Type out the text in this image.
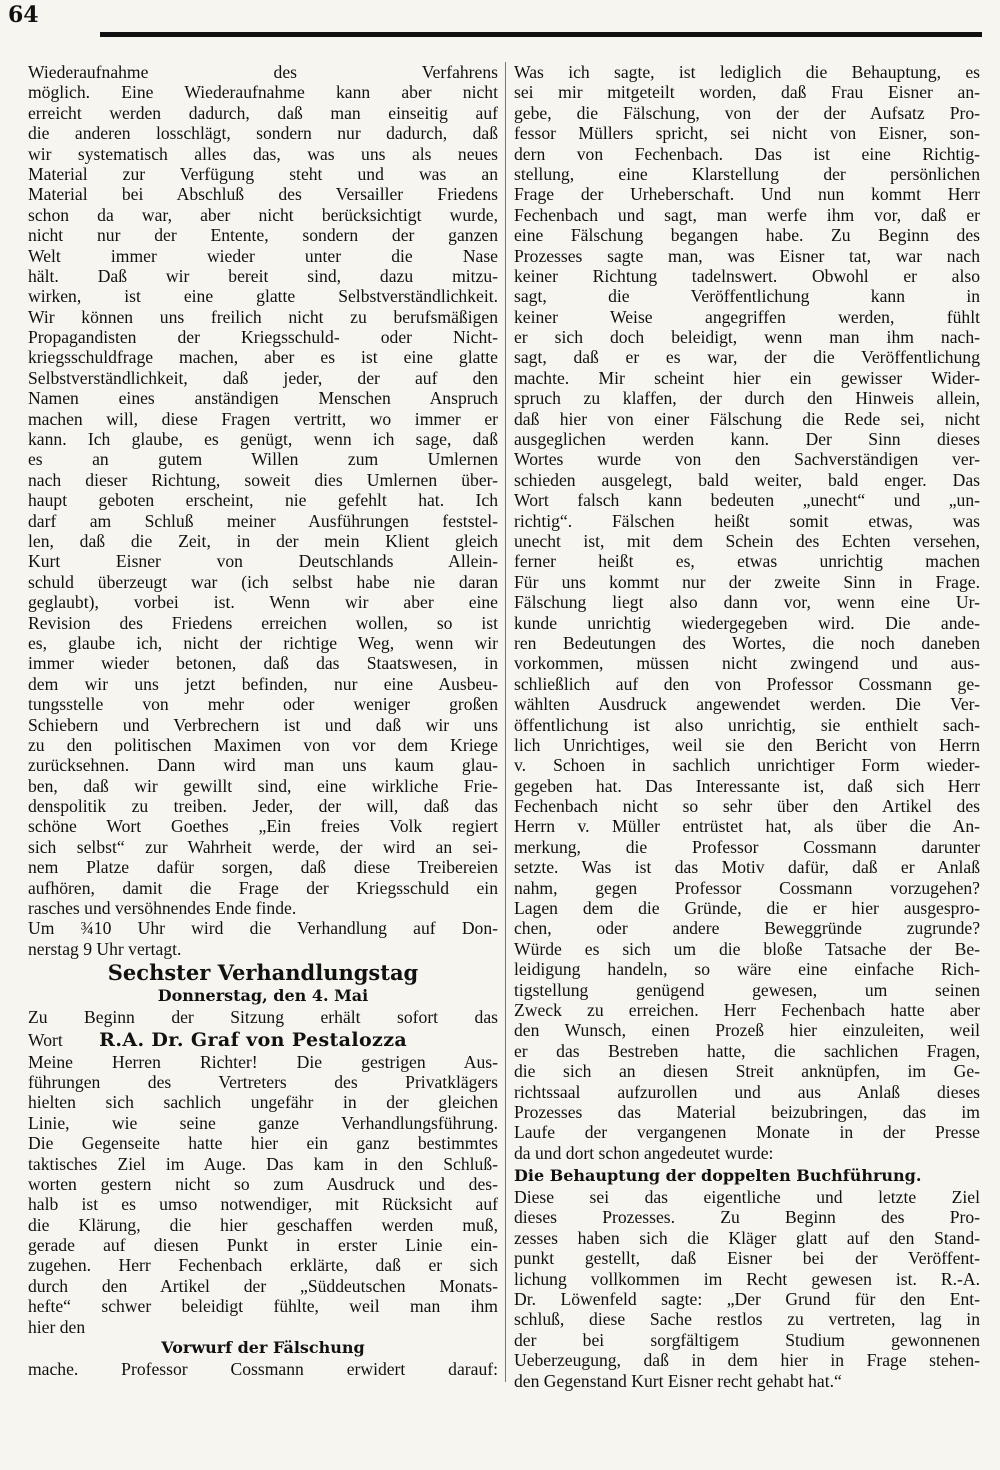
64
Wiederaufnahme des Verfahrens
möglich. Eine Wiederaufnahme kann aber nicht
erreicht werden dadurch, daß man einseitig auf
die anderen losschlägt, sondern nur dadurch, daß
wir systematisch alles das, was uns als neues
Material zur Verfügung steht und was an
Material bei Abschluß des Versailler Friedens
schon da war, aber nicht berücksichtigt wurde,
nicht nur der Entente, sondern der ganzen
Welt immer wieder unter die Nase
hält. Daß wir bereit sind, dazu mitzu-
wirken, ist eine glatte Selbstverständlichkeit.
Wir können uns freilich nicht zu berufsmäßigen
Propagandisten der Kriegsschuld- oder Nicht-
kriegsschuldfrage machen, aber es ist eine glatte
Selbstverständlichkeit, daß jeder, der auf den
Namen eines anständigen Menschen Anspruch
machen will, diese Fragen vertritt, wo immer er
kann. Ich glaube, es genügt, wenn ich sage, daß
es an gutem Willen zum Umlernen
nach dieser Richtung, soweit dies Umlernen über-
haupt geboten erscheint, nie gefehlt hat. Ich
darf am Schluß meiner Ausführungen feststel-
len, daß die Zeit, in der mein Klient gleich
Kurt Eisner von Deutschlands Allein-
schuld überzeugt war (ich selbst habe nie daran
geglaubt), vorbei ist. Wenn wir aber eine
Revision des Friedens erreichen wollen, so ist
es, glaube ich, nicht der richtige Weg, wenn wir
immer wieder betonen, daß das Staatswesen, in
dem wir uns jetzt befinden, nur eine Ausbeu-
tungsstelle von mehr oder weniger großen
Schiebern und Verbrechern ist und daß wir uns
zu den politischen Maximen von vor dem Kriege
zurücksehnen. Dann wird man uns kaum glau-
ben, daß wir gewillt sind, eine wirkliche Frie-
denspolitik zu treiben. Jeder, der will, daß das
schöne Wort Goethes „Ein freies Volk regiert
sich selbst“ zur Wahrheit werde, der wird an sei-
nem Platze dafür sorgen, daß diese Treibereien
aufhören, damit die Frage der Kriegsschuld ein
rasches und versöhnendes Ende finde.
Um ¾10 Uhr wird die Verhandlung auf Don-
nerstag 9 Uhr vertagt.
Sechster Verhandlungstag
Donnerstag, den 4. Mai
Zu Beginn der Sitzung erhält sofort das
Wort R.A. Dr. Graf von Pestalozza
Meine Herren Richter! Die gestrigen Aus-
führungen des Vertreters des Privatklägers
hielten sich sachlich ungefähr in der gleichen
Linie, wie seine ganze Verhandlungsführung.
Die Gegenseite hatte hier ein ganz bestimmtes
taktisches Ziel im Auge. Das kam in den Schluß-
worten gestern nicht so zum Ausdruck und des-
halb ist es umso notwendiger, mit Rücksicht auf
die Klärung, die hier geschaffen werden muß,
gerade auf diesen Punkt in erster Linie ein-
zugehen. Herr Fechenbach erklärte, daß er sich
durch den Artikel der „Süddeutschen Monats-
hefte“ schwer beleidigt fühlte, weil man ihm
hier den
Vorwurf der Fälschung
mache. Professor Cossmann erwidert darauf:
Was ich sagte, ist lediglich die Behauptung, es
sei mir mitgeteilt worden, daß Frau Eisner an-
gebe, die Fälschung, von der der Aufsatz Pro-
fessor Müllers spricht, sei nicht von Eisner, son-
dern von Fechenbach. Das ist eine Richtig-
stellung, eine Klarstellung der persönlichen
Frage der Urheberschaft. Und nun kommt Herr
Fechenbach und sagt, man werfe ihm vor, daß er
eine Fälschung begangen habe. Zu Beginn des
Prozesses sagte man, was Eisner tat, war nach
keiner Richtung tadelnswert. Obwohl er also
sagt, die Veröffentlichung kann in
keiner Weise angegriffen werden, fühlt
er sich doch beleidigt, wenn man ihm nach-
sagt, daß er es war, der die Veröffentlichung
machte. Mir scheint hier ein gewisser Wider-
spruch zu klaffen, der durch den Hinweis allein,
daß hier von einer Fälschung die Rede sei, nicht
ausgeglichen werden kann. Der Sinn dieses
Wortes wurde von den Sachverständigen ver-
schieden ausgelegt, bald weiter, bald enger. Das
Wort falsch kann bedeuten „unecht“ und „un-
richtig“. Fälschen heißt somit etwas, was
unecht ist, mit dem Schein des Echten versehen,
ferner heißt es, etwas unrichtig machen
Für uns kommt nur der zweite Sinn in Frage.
Fälschung liegt also dann vor, wenn eine Ur-
kunde unrichtig wiedergegeben wird. Die ande-
ren Bedeutungen des Wortes, die noch daneben
vorkommen, müssen nicht zwingend und aus-
schließlich auf den von Professor Cossmann ge-
wählten Ausdruck angewendet werden. Die Ver-
öffentlichung ist also unrichtig, sie enthielt sach-
lich Unrichtiges, weil sie den Bericht von Herrn
v. Schoen in sachlich unrichtiger Form wieder-
gegeben hat. Das Interessante ist, daß sich Herr
Fechenbach nicht so sehr über den Artikel des
Herrn v. Müller entrüstet hat, als über die An-
merkung, die Professor Cossmann darunter
setzte. Was ist das Motiv dafür, daß er Anlaß
nahm, gegen Professor Cossmann vorzugehen?
Lagen dem die Gründe, die er hier ausgespro-
chen, oder andere Beweggründe zugrunde?
Würde es sich um die bloße Tatsache der Be-
leidigung handeln, so wäre eine einfache Rich-
tigstellung genügend gewesen, um seinen
Zweck zu erreichen. Herr Fechenbach hatte aber
den Wunsch, einen Prozeß hier einzuleiten, weil
er das Bestreben hatte, die sachlichen Fragen,
die sich an diesen Streit anknüpfen, im Ge-
richtssaal aufzurollen und aus Anlaß dieses
Prozesses das Material beizubringen, das im
Laufe der vergangenen Monate in der Presse
da und dort schon angedeutet wurde:
Die Behauptung der doppelten Buchführung.
Diese sei das eigentliche und letzte Ziel
dieses Prozesses. Zu Beginn des Pro-
zesses haben sich die Kläger glatt auf den Stand-
punkt gestellt, daß Eisner bei der Veröffent-
lichung vollkommen im Recht gewesen ist. R.-A.
Dr. Löwenfeld sagte: „Der Grund für den Ent-
schluß, diese Sache restlos zu vertreten, lag in
der bei sorgfältigem Studium gewonnenen
Ueberzeugung, daß in dem hier in Frage stehen-
den Gegenstand Kurt Eisner recht gehabt hat.“
